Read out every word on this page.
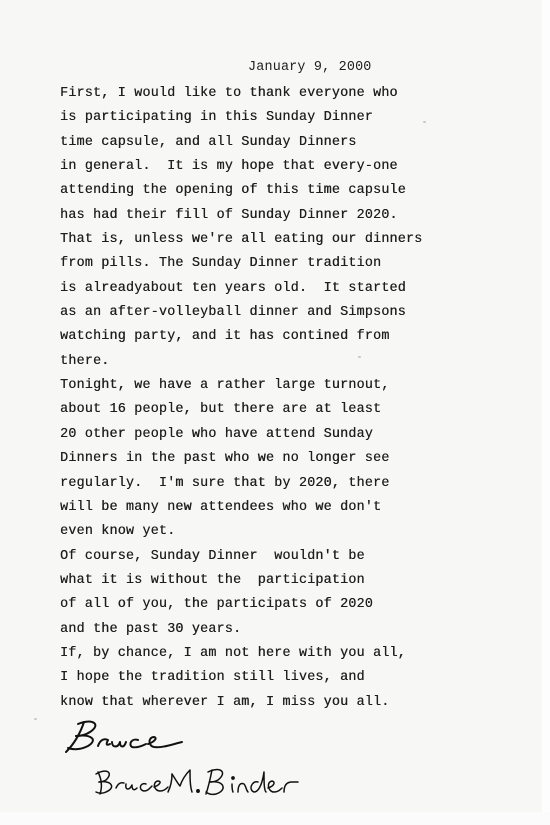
January 9, 2000
First, I would like to thank everyone who
is participating in this Sunday Dinner
time capsule, and all Sunday Dinners
in general.  It is my hope that every-one
attending the opening of this time capsule
has had their fill of Sunday Dinner 2020.
That is, unless we're all eating our dinners
from pills. The Sunday Dinner tradition
is alreadyabout ten years old.  It started
as an after-volleyball dinner and Simpsons
watching party, and it has contined from
there.
Tonight, we have a rather large turnout,
about 16 people, but there are at least
20 other people who have attend Sunday
Dinners in the past who we no longer see
regularly.  I'm sure that by 2020, there
will be many new attendees who we don't
even know yet.
Of course, Sunday Dinner  wouldn't be
what it is without the  participation
of all of you, the participats of 2020
and the past 30 years.
If, by chance, I am not here with you all,
I hope the tradition still lives, and
know that wherever I am, I miss you all.
